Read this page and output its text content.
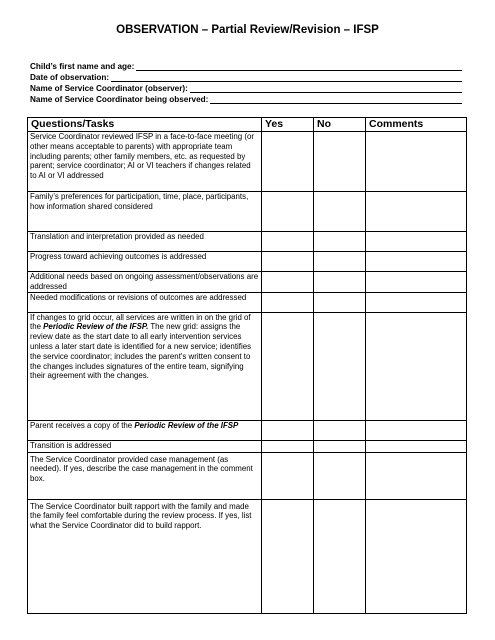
OBSERVATION – Partial Review/Revision – IFSP
Child’s first name and age:
Date of observation:
Name of Service Coordinator (observer):
Name of Service Coordinator being observed:
Questions/Tasks	Yes	No	Comments
Service Coordinator reviewed IFSP in a face-to-face meeting (or other means acceptable to parents) with appropriate team including parents; other family members, etc. as requested by parent; service coordinator; AI or VI teachers if changes related to AI or VI addressed			
Family’s preferences for participation, time, place, participants, how information shared considered			
Translation and interpretation provided as needed			
Progress toward achieving outcomes is addressed			
Additional needs based on ongoing assessment/observations are addressed			
Needed modifications or revisions of outcomes are addressed			
If changes to grid occur, all services are written in on the grid of the Periodic Review of the IFSP. The new grid: assigns the review date as the start date to all early intervention services unless a later start date is identified for a new service; identifies the service coordinator; includes the parent's written consent to the changes includes signatures of the entire team, signifying their agreement with the changes.			
Parent receives a copy of the Periodic Review of the IFSP			
Transition is addressed			
The Service Coordinator provided case management (as needed). If yes, describe the case management in the comment box.			
The Service Coordinator built rapport with the family and made the family feel comfortable during the review process. If yes, list what the Service Coordinator did to build rapport.			
